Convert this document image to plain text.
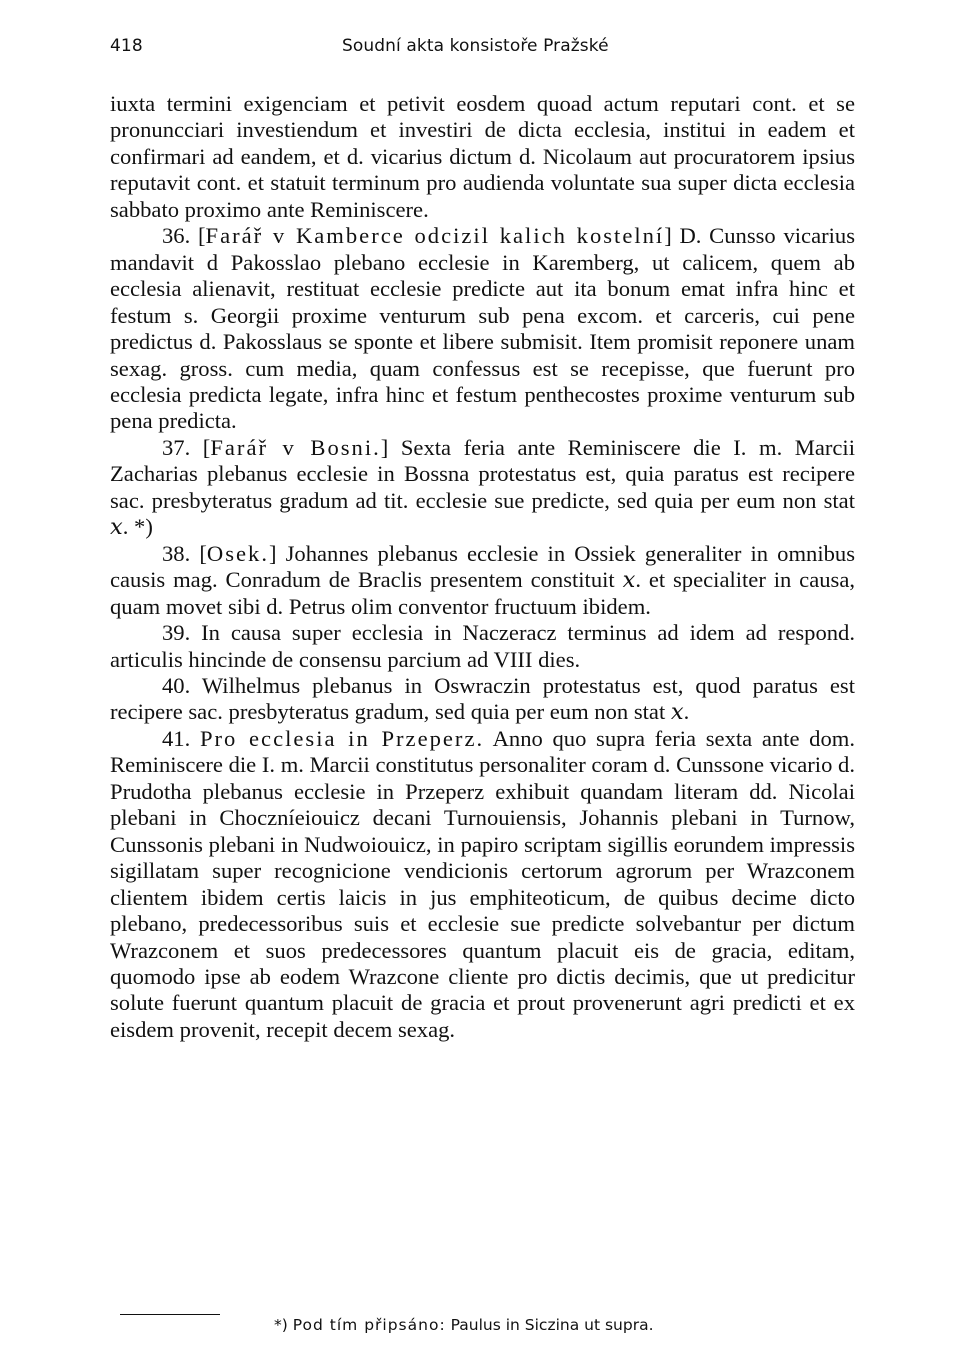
418	Soudní akta konsistoře Pražské

iuxta termini exigenciam et petivit eosdem quoad actum reputari cont. et se pronuncciari investiendum et investiri de dicta ecclesia, institui in eadem et confirmari ad eandem, et d. vicarius dictum d. Nicolaum aut procuratorem ipsius reputavit cont. et statuit terminum pro audienda voluntate sua super dicta ecclesia sabbato proximo ante Reminiscere.

36. [Farář v Kamberce odcizil kalich kostelní] D. Cunsso vicarius mandavit d Pakosslao plebano ecclesie in Karemberg, ut calicem, quem ab ecclesia alienavit, restituat ecclesie predicte aut ita bonum emat infra hinc et festum s. Georgii proxime venturum sub pena excom. et carceris, cui pene predictus d. Pakosslaus se sponte et libere submisit. Item promisit reponere unam sexag. gross. cum media, quam confessus est se recepisse, que fuerunt pro ecclesia predicta legate, infra hinc et festum penthecostes proxime venturum sub pena predicta.

37. [Farář v Bosni.] Sexta feria ante Reminiscere die I. m. Marcii Zacharias plebanus ecclesie in Bossna protestatus est, quia paratus est recipere sac. presbyteratus gradum ad tit. ecclesie sue predicte, sed quia per eum non stat 𝑥. *)

38. [Osek.] Johannes plebanus ecclesie in Ossiek generaliter in omnibus causis mag. Conradum de Braclis presentem constituit 𝑥. et specialiter in causa, quam movet sibi d. Petrus olim conventor fructuum ibidem.

39. In causa super ecclesia in Naczeracz terminus ad idem ad respond. articulis hincinde de consensu parcium ad VIII dies.

40. Wilhelmus plebanus in Oswraczin protestatus est, quod paratus est recipere sac. presbyteratus gradum, sed quia per eum non stat 𝑥.

41. Pro ecclesia in Przeperz. Anno quo supra feria sexta ante dom. Reminiscere die I. m. Marcii constitutus personaliter coram d. Cunssone vicario d. Prudotha plebanus ecclesie in Przeperz exhibuit quandam literam dd. Nicolai plebani in Choczníeiouicz decani Turnouiensis, Johannis plebani in Turnow, Cunssonis plebani in Nudwoiouicz, in papiro scriptam sigillis eorundem impressis sigillatam super recognicione vendicionis certorum agrorum per Wrazconem clientem ibidem certis laicis in jus emphiteoticum, de quibus decime dicto plebano, predecessoribus suis et ecclesie sue predicte solvebantur per dictum Wrazconem et suos predecessores quantum placuit eis de gracia, editam, quomodo ipse ab eodem Wrazcone cliente pro dictis decimis, que ut predicitur solute fuerunt quantum placuit de gracia et prout provenerunt agri predicti et ex eisdem provenit, recepit decem sexag.

*) Pod tím připsáno: Paulus in Siczina ut supra.
